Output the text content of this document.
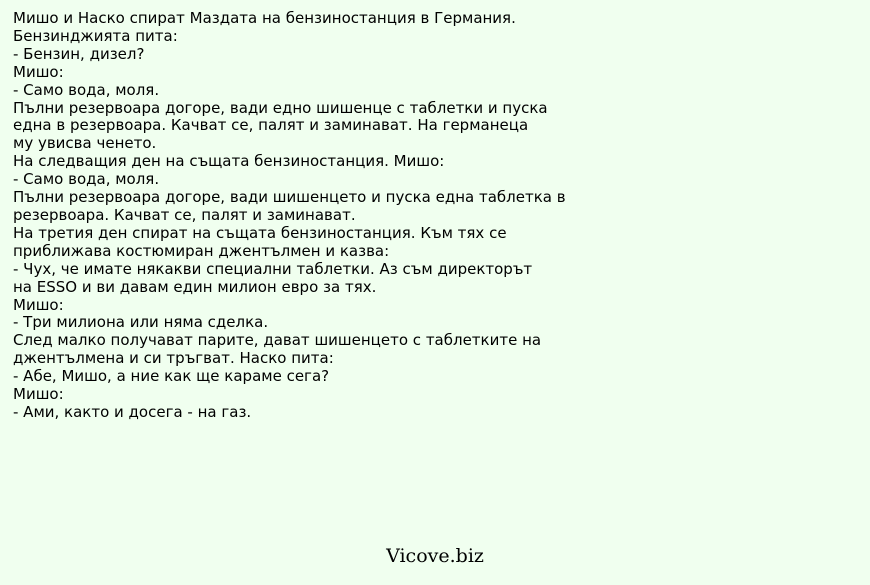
Мишо и Наско спират Маздата на бензиностанция в Германия.
Бензинджията пита:
- Бензин, дизел?
Мишо:
- Само вода, моля.
Пълни резервоара догоре, вади едно шишенце с таблетки и пуска
една в резервоара. Качват се, палят и заминават. На германеца
му увисва ченето.
На следващия ден на същата бензиностанция. Мишо:
- Само вода, моля.
Пълни резервоара догоре, вади шишенцето и пуска една таблетка в
резервоара. Качват се, палят и заминават.
На третия ден спират на същата бензиностанция. Към тях се
приближава костюмиран джентълмен и казва:
- Чух, че имате някакви специални таблетки. Аз съм директорът
на ESSO и ви давам един милион евро за тях.
Мишо:
- Три милиона или няма сделка.
След малко получават парите, дават шишенцето с таблетките на
джентълмена и си тръгват. Наско пита:
- Абе, Мишо, а ние как ще караме сега?
Мишо:
- Ами, както и досега - на газ.
Vicove.biz
